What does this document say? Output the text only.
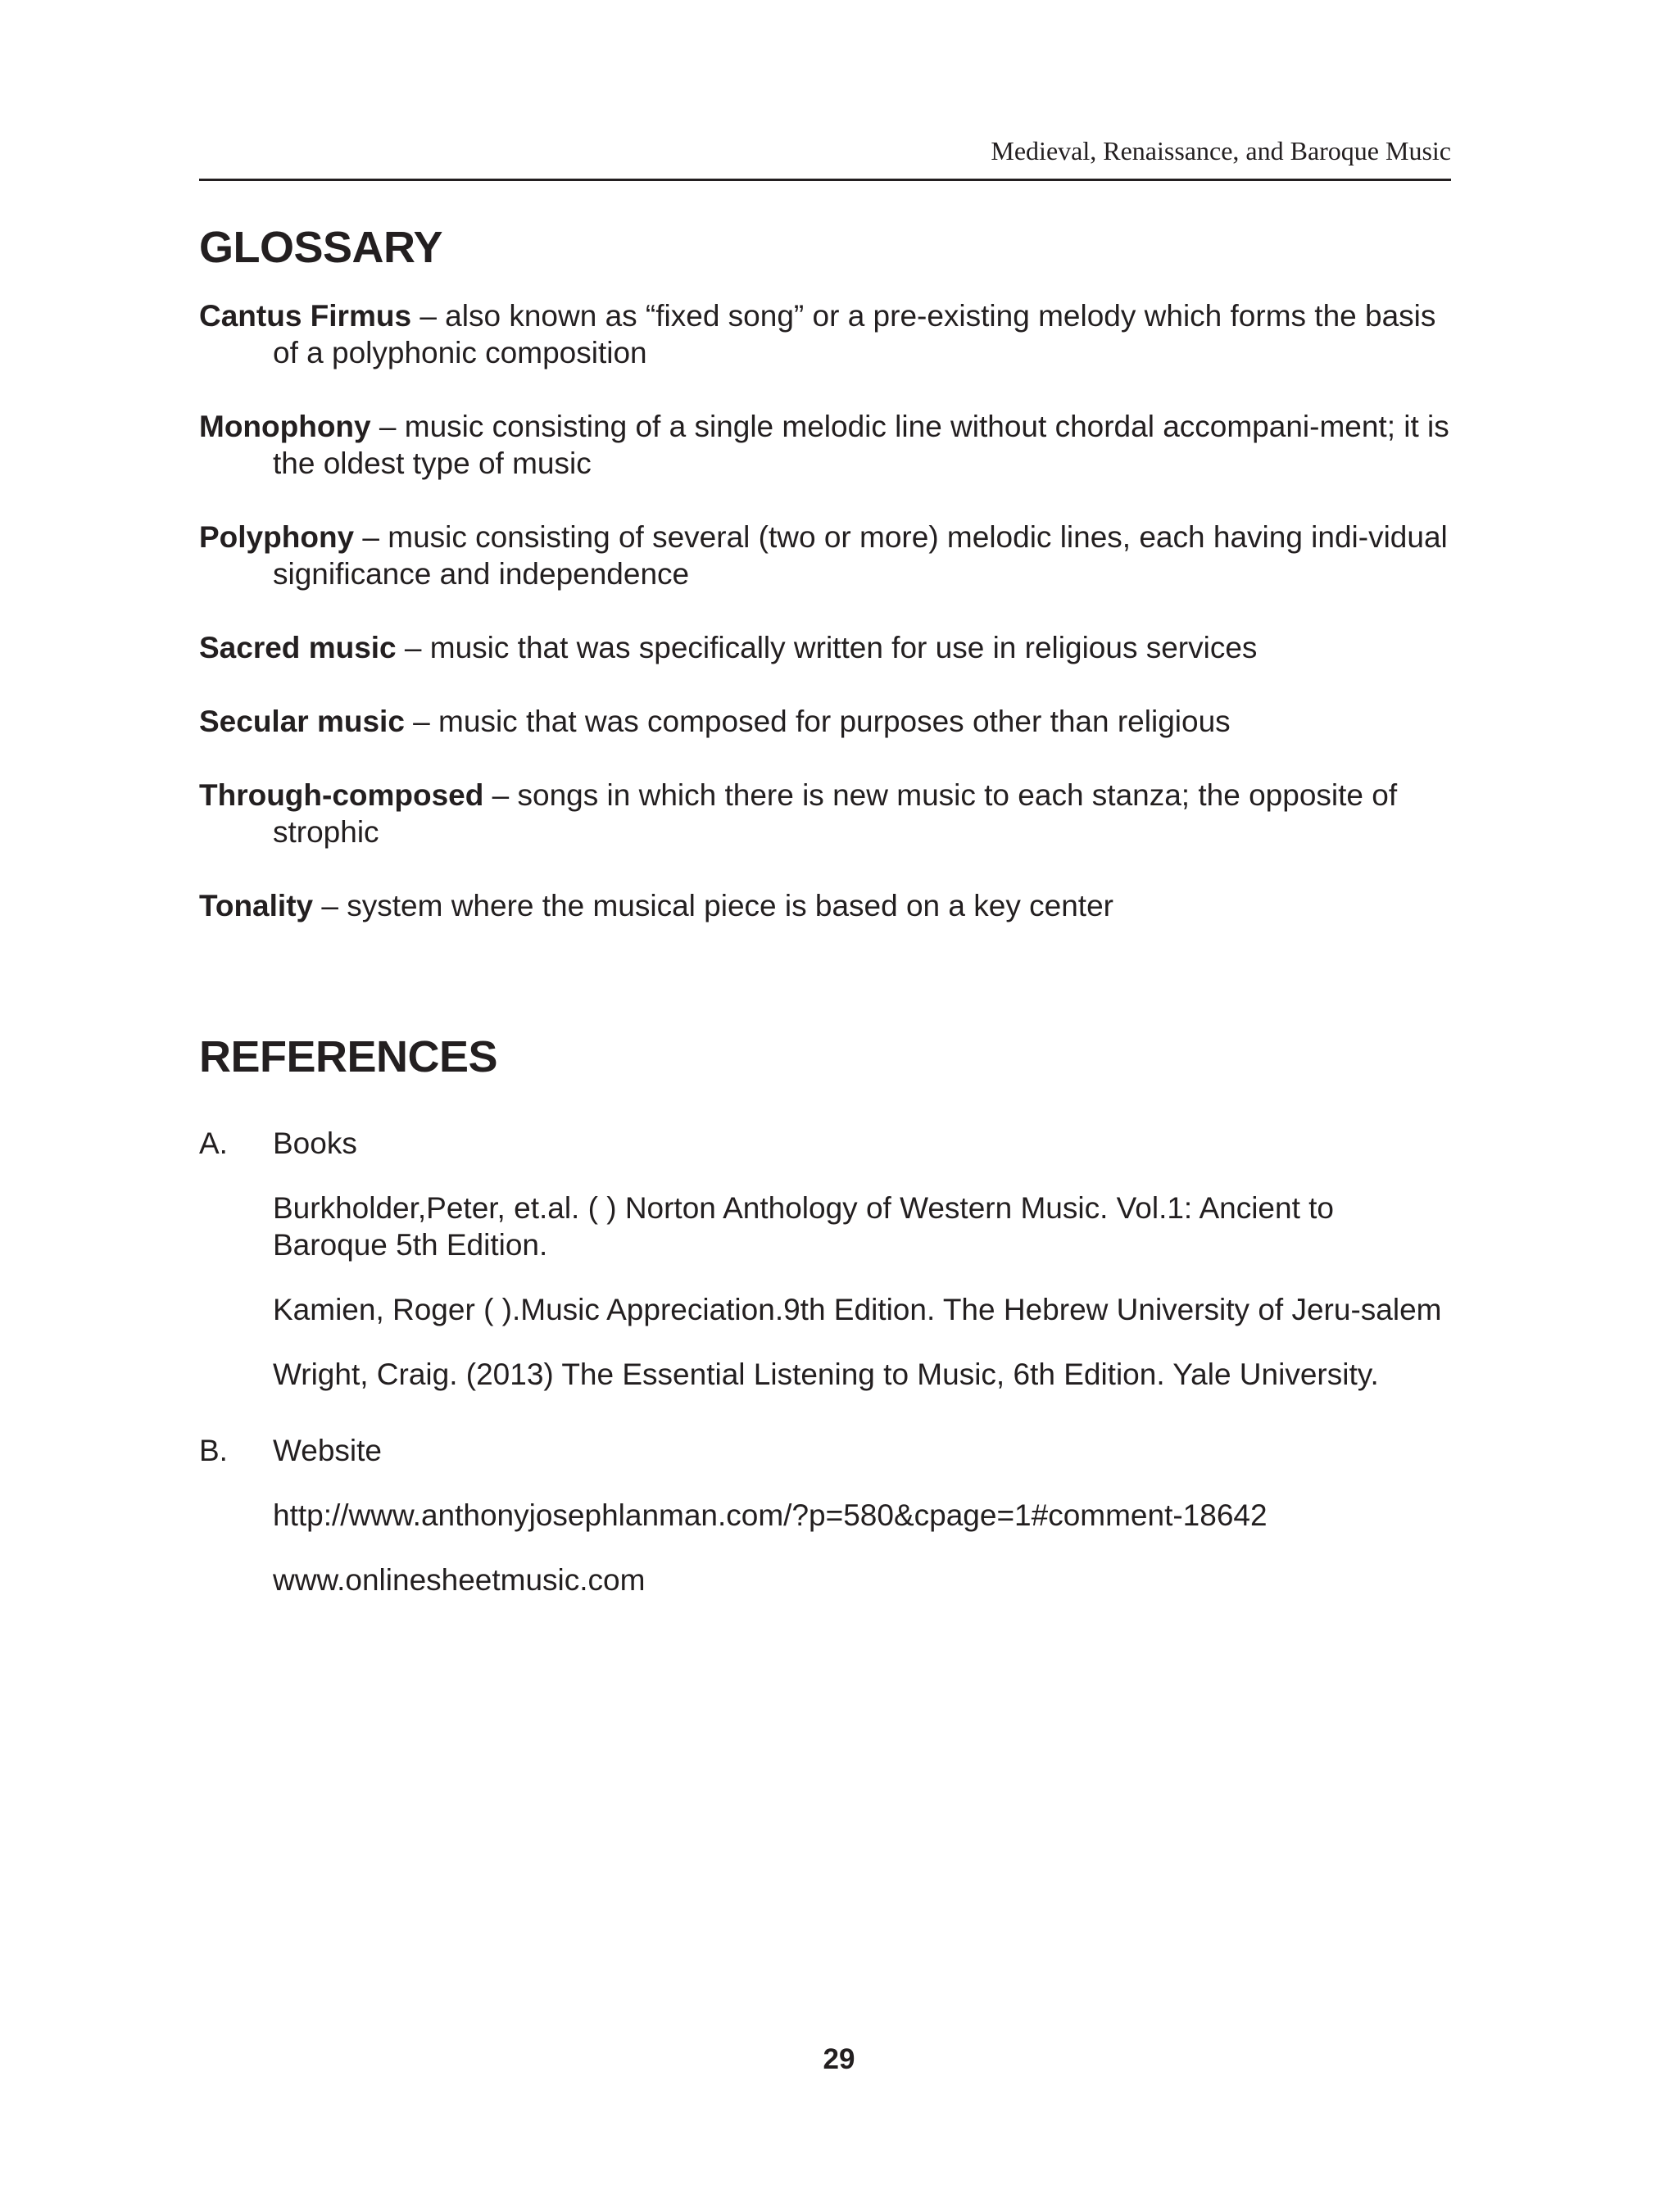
Medieval, Renaissance, and Baroque Music
GLOSSARY
Cantus Firmus – also known as “fixed song” or a pre-existing melody which forms the basis of a polyphonic composition
Monophony – music consisting of a single melodic line without chordal accompani-ment; it is the oldest type of music
Polyphony – music consisting of several (two or more) melodic lines, each having indi-vidual significance and independence
Sacred music – music that was specifically written for use in religious services
Secular music – music that was composed for purposes other than religious
Through-composed – songs in which there is new music to each stanza; the opposite of strophic
Tonality – system where the musical piece is based on a key center
REFERENCES
A.	Books
Burkholder,Peter, et.al. ( ) Norton Anthology of Western Music. Vol.1: Ancient to Baroque 5th Edition.
Kamien, Roger ( ).Music Appreciation.9th Edition. The Hebrew University of Jeru-salem
Wright, Craig. (2013) The Essential Listening to Music, 6th Edition. Yale University.
B.	Website
http://www.anthonyjosephlanman.com/?p=580&cpage=1#comment-18642
www.onlinesheetmusic.com
29
